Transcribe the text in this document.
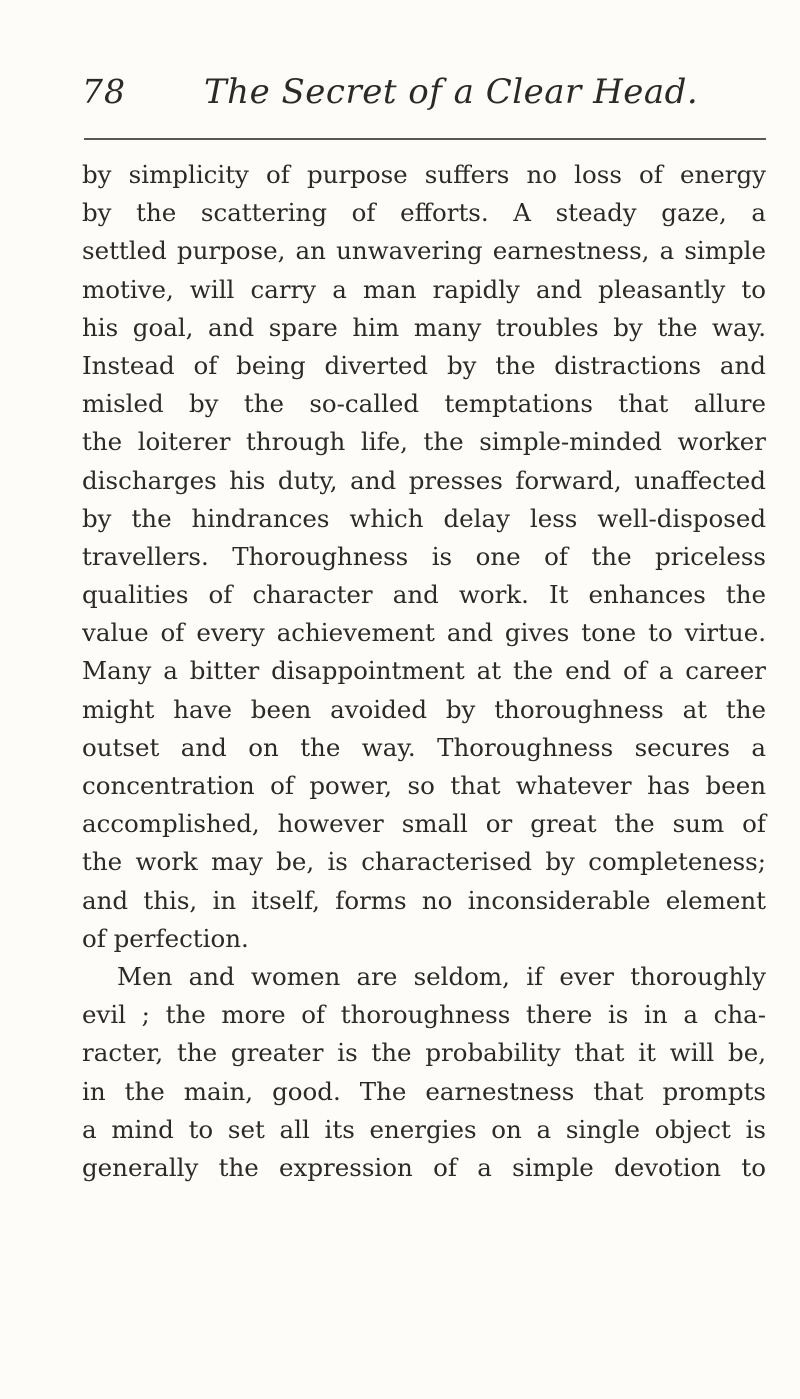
78 The Secret of a Clear Head.
by simplicity of purpose suffers no loss of energy
by the scattering of efforts. A steady gaze, a
settled purpose, an unwavering earnestness, a simple
motive, will carry a man rapidly and pleasantly to
his goal, and spare him many troubles by the way.
Instead of being diverted by the distractions and
misled by the so-called temptations that allure
the loiterer through life, the simple-minded worker
discharges his duty, and presses forward, unaffected
by the hindrances which delay less well-disposed
travellers. Thoroughness is one of the priceless
qualities of character and work. It enhances the
value of every achievement and gives tone to virtue.
Many a bitter disappointment at the end of a career
might have been avoided by thoroughness at the
outset and on the way. Thoroughness secures a
concentration of power, so that whatever has been
accomplished, however small or great the sum of
the work may be, is characterised by completeness;
and this, in itself, forms no inconsiderable element
of perfection.
Men and women are seldom, if ever thoroughly
evil ; the more of thoroughness there is in a cha-
racter, the greater is the probability that it will be,
in the main, good. The earnestness that prompts
a mind to set all its energies on a single object is
generally the expression of a simple devotion to
